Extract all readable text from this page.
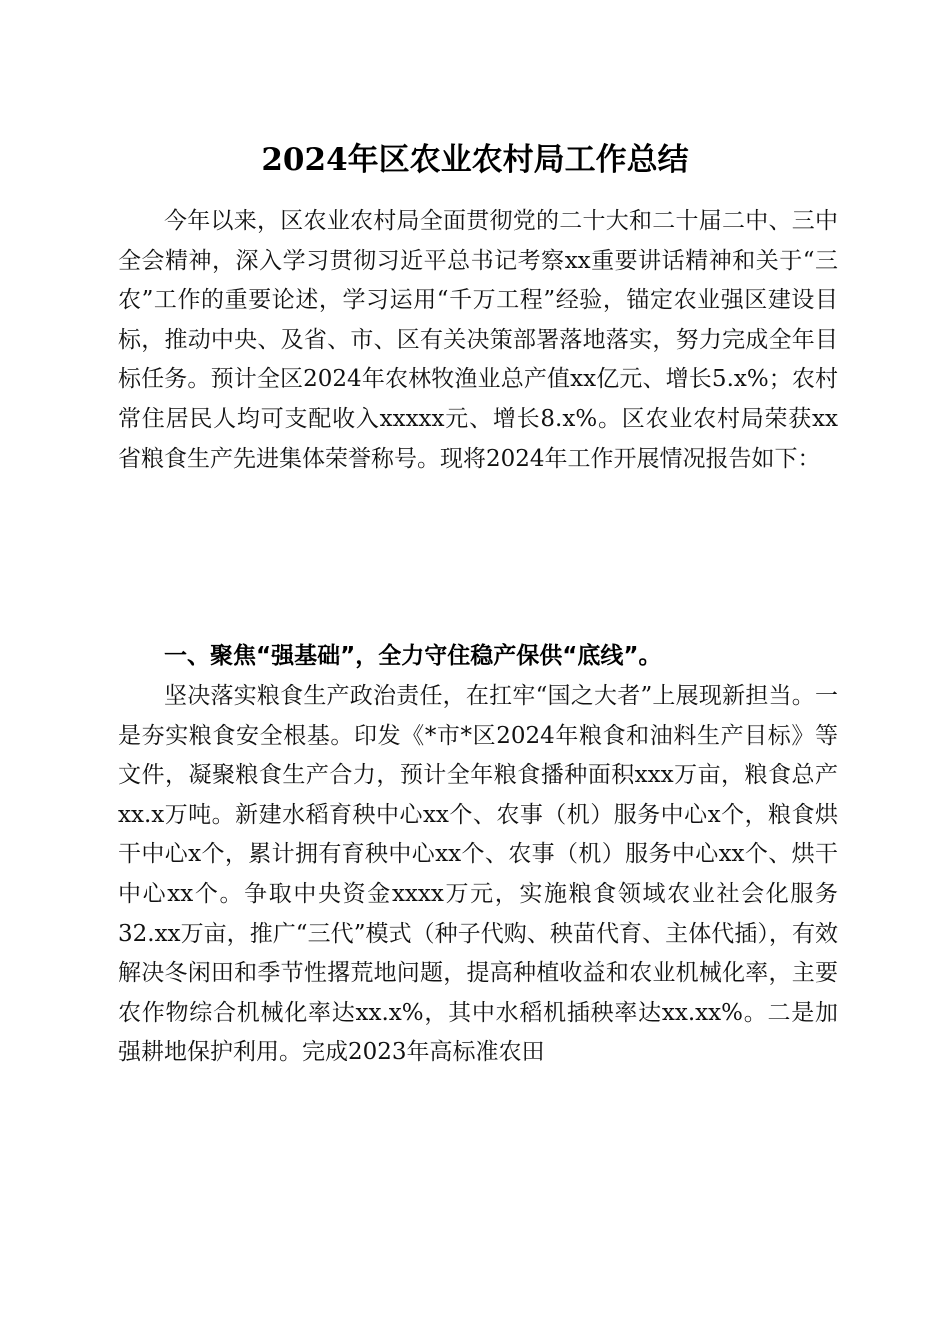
2024年区农业农村局工作总结

今年以来，区农业农村局全面贯彻党的二十大和二十届二中、三中全会精神，深入学习贯彻习近平总书记考察xx重要讲话精神和关于“三农”工作的重要论述，学习运用“千万工程”经验，锚定农业强区建设目标，推动中央、及省、市、区有关决策部署落地落实，努力完成全年目标任务。预计全区2024年农林牧渔业总产值xx亿元、增长5.x%；农村常住居民人均可支配收入xxxxx元、增长8.x%。区农业农村局荣获xx省粮食生产先进集体荣誉称号。现将2024年工作开展情况报告如下：

一、聚焦“强基础”，全力守住稳产保供“底线”。

坚决落实粮食生产政治责任，在扛牢“国之大者”上展现新担当。一是夯实粮食安全根基。印发《*市*区2024年粮食和油料生产目标》等文件，凝聚粮食生产合力，预计全年粮食播种面积xxx万亩，粮食总产xx.x万吨。新建水稻育秧中心xx个、农事（机）服务中心x个，粮食烘干中心x个，累计拥有育秧中心xx个、农事（机）服务中心xx个、烘干中心xx个。争取中央资金xxxx万元，实施粮食领域农业社会化服务32.xx万亩，推广“三代”模式（种子代购、秧苗代育、主体代插），有效解决冬闲田和季节性撂荒地问题，提高种植收益和农业机械化率，主要农作物综合机械化率达xx.x%，其中水稻机插秧率达xx.xx%。二是加强耕地保护利用。完成2023年高标准农田
